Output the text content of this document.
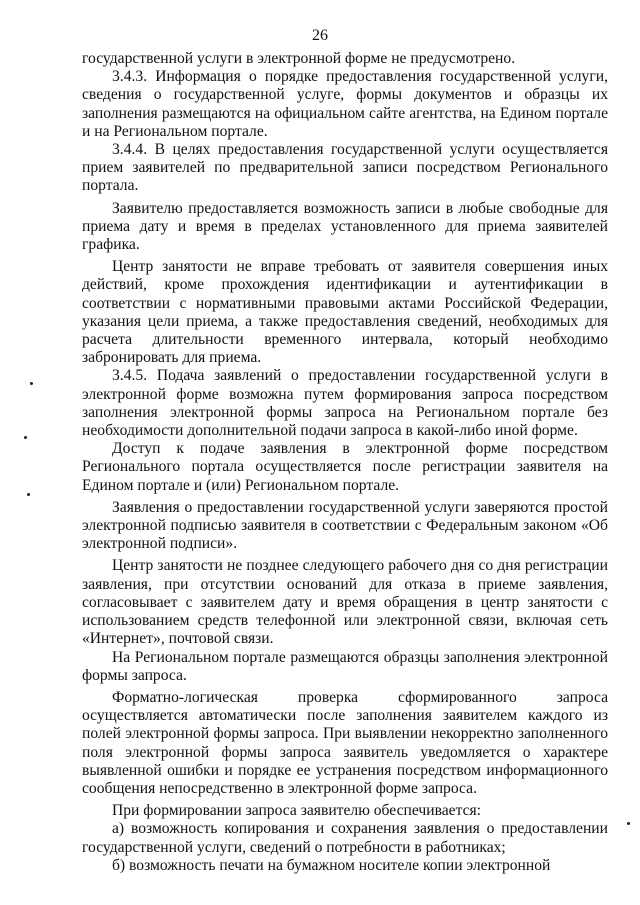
26

государственной услуги в электронной форме не предусмотрено.

3.4.3. Информация о порядке предоставления государственной услуги, сведения о государственной услуге, формы документов и образцы их заполнения размещаются на официальном сайте агентства, на Едином портале и на Региональном портале.

3.4.4. В целях предоставления государственной услуги осуществляется прием заявителей по предварительной записи посредством Регионального портала.

Заявителю предоставляется возможность записи в любые свободные для приема дату и время в пределах установленного для приема заявителей графика.

Центр занятости не вправе требовать от заявителя совершения иных действий, кроме прохождения идентификации и аутентификации в соответствии с нормативными правовыми актами Российской Федерации, указания цели приема, а также предоставления сведений, необходимых для расчета длительности временного интервала, который необходимо забронировать для приема.

3.4.5. Подача заявлений о предоставлении государственной услуги в электронной форме возможна путем формирования запроса посредством заполнения электронной формы запроса на Региональном портале без необходимости дополнительной подачи запроса в какой-либо иной форме.

Доступ к подаче заявления в электронной форме посредством Регионального портала осуществляется после регистрации заявителя на Едином портале и (или) Региональном портале.

Заявления о предоставлении государственной услуги заверяются простой электронной подписью заявителя в соответствии с Федеральным законом «Об электронной подписи».

Центр занятости не позднее следующего рабочего дня со дня регистрации заявления, при отсутствии оснований для отказа в приеме заявления, согласовывает с заявителем дату и время обращения в центр занятости с использованием средств телефонной или электронной связи, включая сеть «Интернет», почтовой связи.

На Региональном портале размещаются образцы заполнения электронной формы запроса.

Форматно-логическая проверка сформированного запроса осуществляется автоматически после заполнения заявителем каждого из полей электронной формы запроса. При выявлении некорректно заполненного поля электронной формы запроса заявитель уведомляется о характере выявленной ошибки и порядке ее устранения посредством информационного сообщения непосредственно в электронной форме запроса.

При формировании запроса заявителю обеспечивается:

а) возможность копирования и сохранения заявления о предоставлении государственной услуги, сведений о потребности в работниках;

б) возможность печати на бумажном носителе копии электронной
